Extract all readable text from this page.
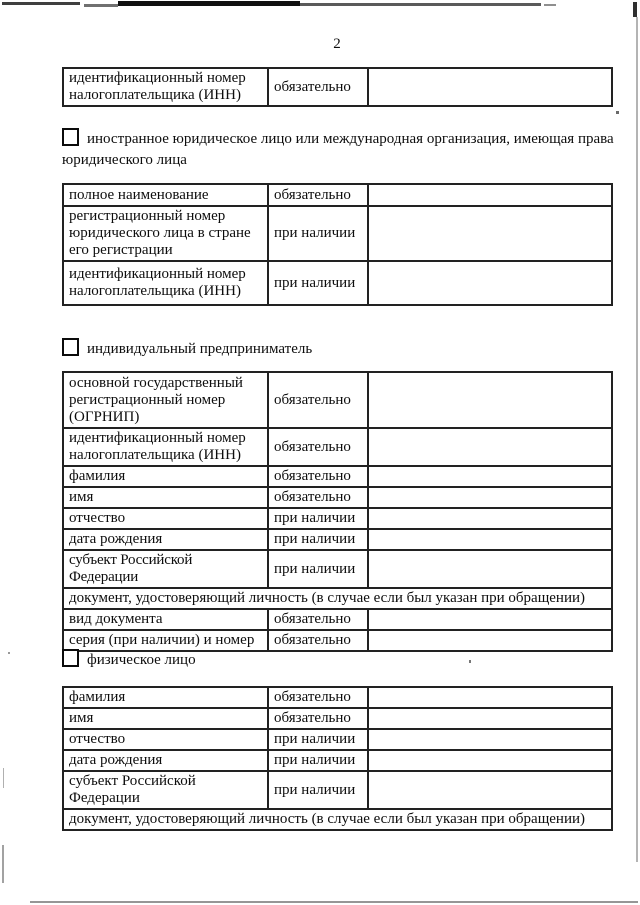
2
идентификационный номер налогоплательщика (ИНН)	обязательно	
иностранное юридическое лицо или международная организация, имеющая права юридического лица
полное наименование	обязательно	
регистрационный номер юридического лица в стране его регистрации	при наличии	
идентификационный номер налогоплательщика (ИНН)	при наличии	
индивидуальный предприниматель
основной государственный регистрационный номер (ОГРНИП)	обязательно	
идентификационный номер налогоплательщика (ИНН)	обязательно	
фамилия	обязательно	
имя	обязательно	
отчество	при наличии	
дата рождения	при наличии	
субъект Российской Федерации	при наличии	
документ, удостоверяющий личность (в случае если был указан при обращении)		
вид документа	обязательно	
серия (при наличии) и номер	обязательно	
физическое лицо
фамилия	обязательно	
имя	обязательно	
отчество	при наличии	
дата рождения	при наличии	
субъект Российской Федерации	при наличии	
документ, удостоверяющий личность (в случае если был указан при обращении)		
